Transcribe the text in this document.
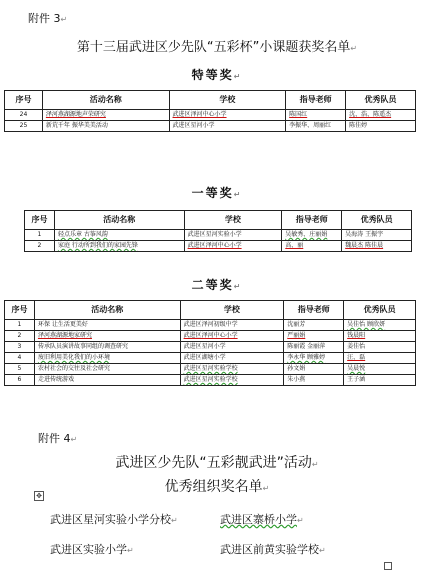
附件 3↵
第十三届武进区少先队“五彩杯”小课题获奖名单↵
特等奖↵
序号	活动名称	学校	指导老师	优秀队员
24	泽河燕湖源地声荣研究	武进区泽河中心小学	陈国红	沈、浩、陈遥杰
25	新荒千年 振华美美活动	武进区星河小学	李振华、周丽红	陈佳婷
一等奖↵
序号	活动名称	学校	指导老师	优秀队员
1	轻点乐章 古筝风韵	武进区星河实验小学	吴敏秀、庄丽娟	吴海涛 王振宇
2	家庭 行动所到我们的家园先锋	武进区泽河中心小学	高、丽	魏晨杰 陈佳晨
二等奖↵
序号	活动名称	学校	指导老师	优秀队员
1	环保 让生活更美好	武进区泽河初级中学	沈丽芳	吴佳怡 顾欣妍
2	泽河燕湖源地家研究	武进区泽河中心小学	严丽娟	钱晨阳
3	传承队员演讲故事同组的调查研究	武进区星河小学	陈丽霞 金丽萍	姜佳怡
4	废旧利用美化我们的小环境	武进区湖塘小学	李永华 顾雅婷	汪、磊
5	农村社会的交往及社会研究	武进区星河实验学校	孙文娟	吴晨悦
6	走进传统游戏	武进区星河实验学校	朱小燕	王子涵
附件 4↵
武进区少先队“五彩靓武进”活动↵
优秀组织奖名单↵
✥
武进区星河实验小学分校↵	武进区寨桥小学↵
武进区实验小学↵	武进区前黄实验学校↵
